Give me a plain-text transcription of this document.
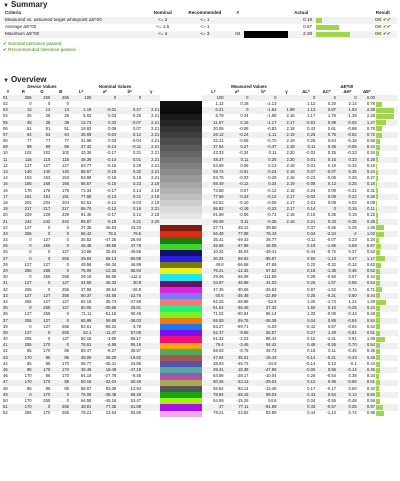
▼ Summary
Criteria	Nominal	Recommended	#		Actual		Result
Measured vs. assumed target whitepoint ΔE*00	<= 2	<= 1			0.19		OK ✔✔
Average ΔE*00	<= 1.5	<= 1			0.57		OK ✔✔
Maximum ΔE*00	<= 4	<= 3	04		2.28		OK ✔✔
✔ Nominal tolerance passed
✔ Recommended tolerance passed
▼ Overview
	Device Values			Nominal Values					Measured Values				ΔE*00				
#	R	G	B	L*	a*	b*	γ		L*	a*	b*	γ	ΔL*	ΔC*	ΔH*	ΔE*	
01	255	255	255	100	0	0			100	0	0		0	0	0	0.00	
02	0	0	0						1.12	0.18	-2.13		1.12	0.20	2.14	0.78	
03	13	13	13	1.19	-0.01	0.47	2.21		0.21	0	-1.54	1.99	1.13	0.87	1.83	2.28	
04	26	26	26	5.62	0.03	-0.25	2.21		6.79	0.24	-1.98	2.16	1.17	1.76	-1.39	2.28	
05	38	38	38	12.73	0.33	-0.07	2.21		11.57	0.15	-1.17	2.17	-0.91	0.99	-0.92	1.27	
06	51	51	51	19.62	0.09	0.07	2.21		20.05	-0.08	-0.83	2.18	0.43	0.61	-0.88	0.75	
07	64	64	64	26.69	-0.04	0.12	2.21		26.12	-0.24	-1.11	2.19	0.26	0.75	-0.82	0.72	
08	77	77	77	31.96	0.03	-0.04	2.21		32.21	-0.05	-0.70	2.19	0.25	0.64	-0.18	0.50	
09	89	89	89	37.42	-0.14	-0.11	2.21		37.54	0.27	-0.47	2.18	0.11	0.45	-0.05	0.44	
10	102	102	102	43.35	-0.17	0.31	2.21		43.33	-0.34	0.11	2.20	-0.02	0.25	-0.23	0.34	
11	115	115	115	48.36	-0.14	0.01	2.21		48.37	0.11	0.25	2.20	0.01	0.15	0.33	0.28	
12	127	127	127	53.77	-0.15	0.29	2.21		53.68	0.06	0.13	2.18	0.01	0.19	-0.32	0.16	
13	140	140	140	58.67	-0.18	0.32	2.21		58.74	-0.01	-0.24	2.18	0.07	-0.07	0.35	0.24	
14	153	153	153	63.98	-0.18	0.16	2.21		63.75	-0.03	-0.29	2.18	-0.23	-0.06	0.25	0.27	
15	166	166	166	68.57	-0.15	0.23	2.19		68.49	-0.12	0.34	2.19	-0.08	0.13	0.25	0.18	
16	178	178	178	73.34	-0.17	0.14	2.19		73.58	0.07	-0.12	2.18	0.24	0.09	-0.32	0.31	
17	191	191	191	77.68	-0.13	0.21	2.19		77.66	-0.23	-0.12	2.17	-0.02	0.09	0.22	0.26	
18	204	204	204	82.51	-0.12	-0.03	2.19		82.52	-0.10	-0.06	2.17	0.01	0.09	0.03	0.06	
19	217	217	217	86.70	-0.12	0.18	2.21		86.82	-0.16	-0.22	2.17	0.14	0	0.15	0.11	
20	229	229	229	91.45	-0.17	0.12	2.18		91.69	-0.06	-0.74	2.18	0.16	0.36	0.19	0.22	
21	242	242	242	95.87	-0.18	0.21	2.20		96.08	0.11	-0.36	2.18	0.21	0.33	-0.35	0.26	
22	127	0	0	27.35	46.63	43.33			27.71	48.12	39.85		0.37	-0.66	-2.25	1.05	
23	255	0	0	56.42	78.2	79.5			56.48	77.98	76.43		0.04	-2.34	-2	1.02	
24	0	127	0	35.52	-47.25	26.94			35.41	-49.43	26.77		-0.11	-0.07	0.23	0.34	
25	0	255	0	45.48	-48.59	47.78			45.66	-47.96	46.06		0.18	-1.65	0.58	0.57	
26	0	0	127	10.68	35.64	-49.66			10.24	36.03	-49.41		-0.44	-0.72	0.37	0.52	
27	0	0	255	29.84	68.13	-96.89			30.34	68.02	-95.97		0.50	-1.13	0.47	1.17	
28	127	127	0	49.58	-56.34	46.89			49.8	-56.58	47.69		0.22	-0.32	-0.12	0.62	
29	255	255	0	76.06	-12.32	58.94			76.21	-12.32	57.52		0.16	-1.35	0.46	0.52	
30	0	255	255	29.18	66.68	-112.2			29.46	66.08	-111.59		0.28	-0.50	0.07	0.44	
31	127	0	127	34.55	46.33	30.9			34.87	46.98	31.03		0.25	1.57	0.66	0.54	
32	255	0	255	47.96	38.64	-26.9			47.25	-30.06	-25.63		0.87	-1.52	0.74	0.71	
33	127	127	255	60.37	-34.55	-22.76			60.6	-35.48	-22.89		0.25	-0.21	0.60	0.44	
34	255	127	127	62.15	35.74	-47.55			62.25	-26.68	-53.9		1.05	-1.74	1.24	1.29	
35	0	255	127	60.05	-35.66	28.81			61.54	-36.48	27.32		1.50	0.10	-0.25	0.44	
36	127	255	0	71.11	-51.15	90.46			71.02	-50.64	86.14		1.33	-0.09	-0.43	0.48	
37	255	127	0	65.89	58.68	-38.03			65.93	59.76	-38.39		0.04	0.88	-0.84	0.54	
38	0	127	255	63.61	-58.22	-3.76			63.27	-59.71	-5.03		-0.42	0.67	-0.64	0.54	
39	127	0	255	52.1	-11.47	57.09			52.37	-9.65	55.57		0.27	1.49	-0.61	0.51	
40	255	0	127	50.18	-3.69	89.17			51.32	-2.23	86.44		0.15	-2.41	0.91	1.09	
41	255	170	0	78.91	-4.99	95.16			79.4	-3.46	94.42		0.49	-0.26	0.70	0.54	
42	85	170	85	59.47	-8.27	39.87			59.63	-8.78	39.73		0.16	0.11	-0.45	0.46	
43	170	85	85	48.09	35.29	-19.62			47.94	35.31	-19.43		-0.14	-0.21	-0.43	0.46	
44	85	85	170	38.77	-45.41	34.85			38.63	-45.72	34.9		-0.14	0.13	-0.1	0.44	
45	85	170	170	39.46	18.49	-47.19			39.41	18.38	-47.89		-0.05	0.56	-0.14	0.45	
46	170	85	170	64.19	-27.76	-9.45			64.56	-28.17	-10.04		0.28	-0.54	0.38	0.34	
47	170	170	85	50.16	-32.04	30.45			50.26	-33.13	-29.04		0.12	0.95	-0.66	0.51	
48	85	85	85	58.67	83.39	-12.94			58.64	83.14	-13.46		0.17	-0.17	0.50	0.40	
49	0	170	0	78.06	-48.48	86.26			78.84	-48.15	89.03		0.43	0.64	0.13	0.50	
50	170	255	0	64.56	-45.16	53.47			64.59	-15.26	54.6		0.04	-0.55	-0.48	0.56	
51	170	0	255	48.81	77.35	-31.88			47	77.11	-81.89		0.43	-0.57	0.25	0.87	
52	255	170	255	78.21	23.64	82.86			78.21	23.62	82.89		0.44	-1.12	0.74	0.96	
